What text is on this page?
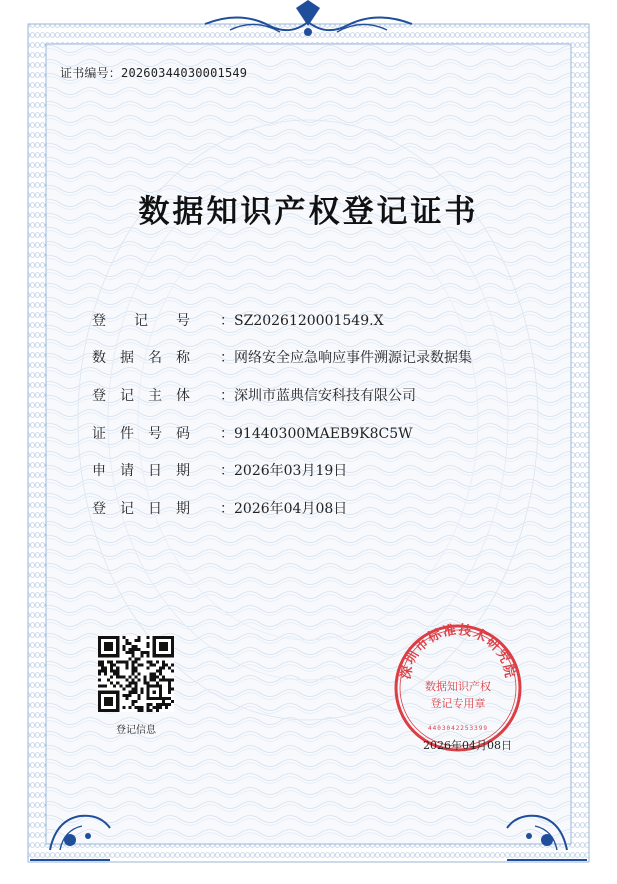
证书编号：20260344030001549
数据知识产权登记证书
登　　记　　号 ：SZ2026120001549.X
数　据　名　称 ：网络安全应急响应事件溯源记录数据集
登　记　主　体 ：深圳市蓝典信安科技有限公司
证　件　号　码 ：91440300MAEB9K8C5W
申　请　日　期 ：2026年03月19日
登　记　日　期 ：2026年04月08日
登记信息
深圳市标准技术研究院
数据知识产权
登记专用章
4403042253399
2026年04月08日
